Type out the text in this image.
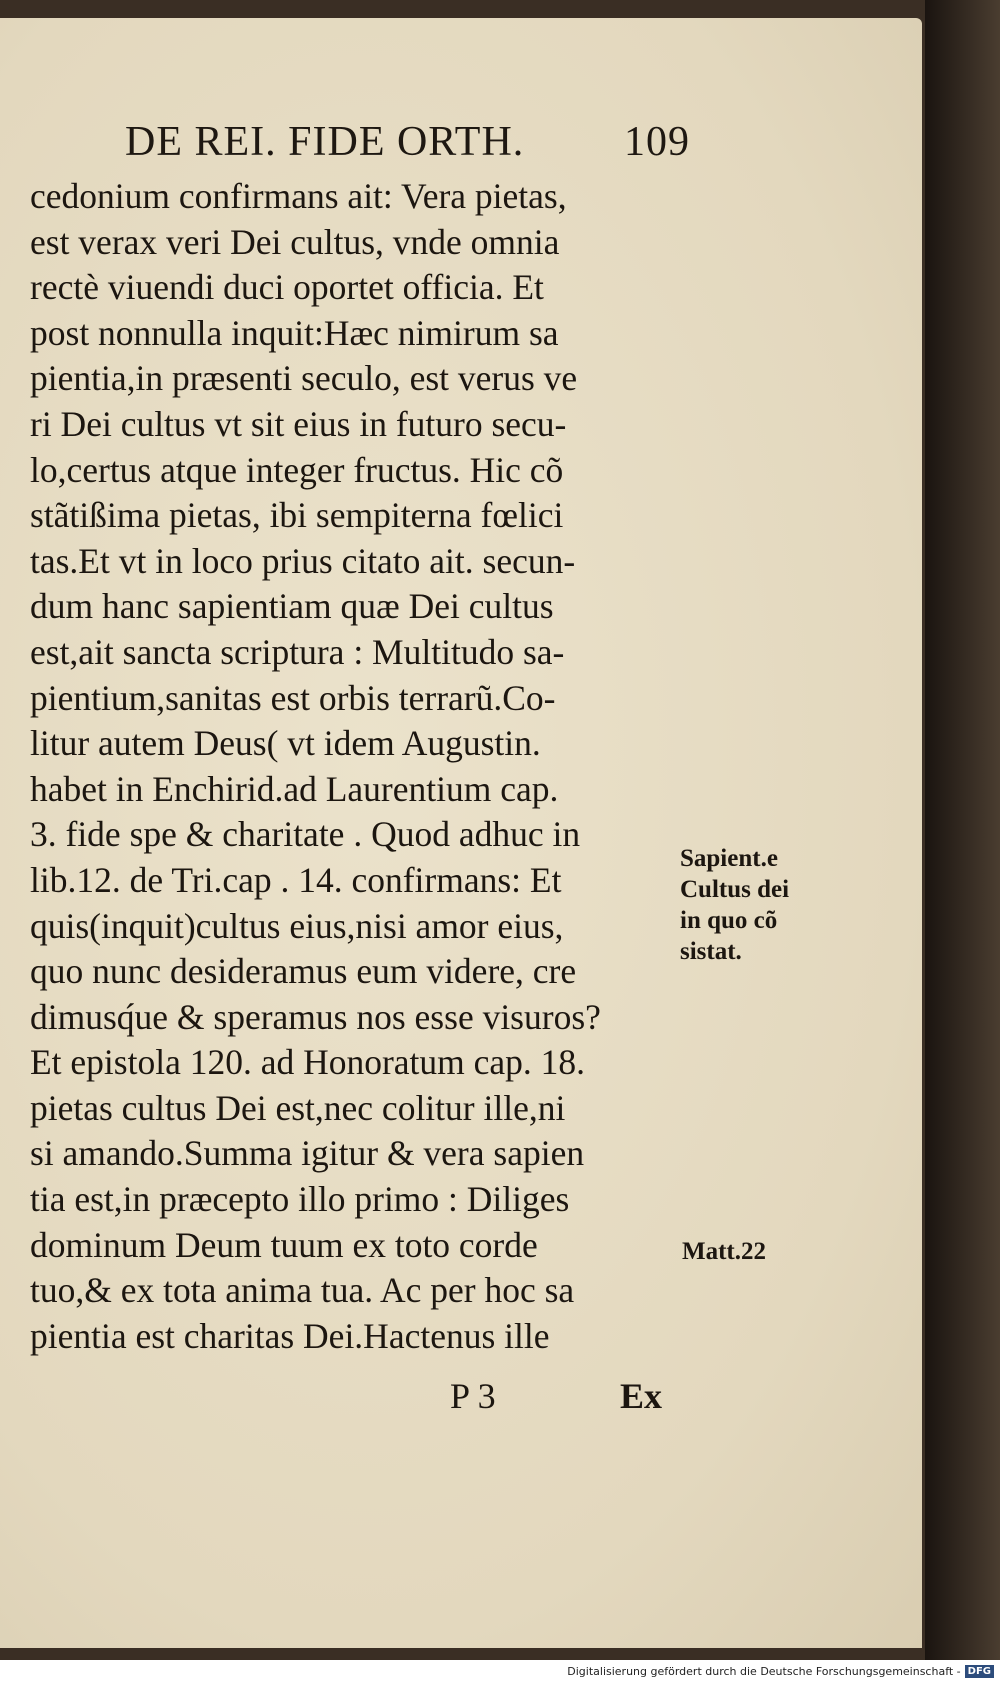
DE REI. FIDE ORTH. 109
cedonium confirmans ait: Vera pietas,
est verax veri Dei cultus, vnde omnia
rectè viuendi duci oportet officia. Et
post nonnulla inquit:Hæc nimirum sa
pientia,in præsenti seculo, est verus ve
ri Dei cultus vt sit eius in futuro secu-
lo,certus atque integer fructus. Hic cõ
stãtißima pietas, ibi sempiterna fœlici
tas.Et vt in loco prius citato ait. secun-
dum hanc sapientiam quæ Dei cultus
est,ait sancta scriptura : Multitudo sa-
pientium,sanitas est orbis terrarũ.Co-
litur autem Deus( vt idem Augustin.
habet in Enchirid.ad Laurentium cap.
3. fide spe & charitate . Quod adhuc in
lib.12. de Tri.cap . 14. confirmans: Et
quis(inquit)cultus eius,nisi amor eius,
quo nunc desideramus eum videre, cre
dimusq́ue & speramus nos esse visuros?
Et epistola 120. ad Honoratum cap. 18.
pietas cultus Dei est,nec colitur ille,ni
si amando.Summa igitur & vera sapien
tia est,in præcepto illo primo : Diliges
dominum Deum tuum ex toto corde
tuo,& ex tota anima tua. Ac per hoc sa
pientia est charitas Dei.Hactenus ille
Sapient.e
Cultus dei
in quo cõ
sistat.
Matt.22
P 3	Ex
Digitalisierung gefördert durch die Deutsche Forschungsgemeinschaft - DFG
